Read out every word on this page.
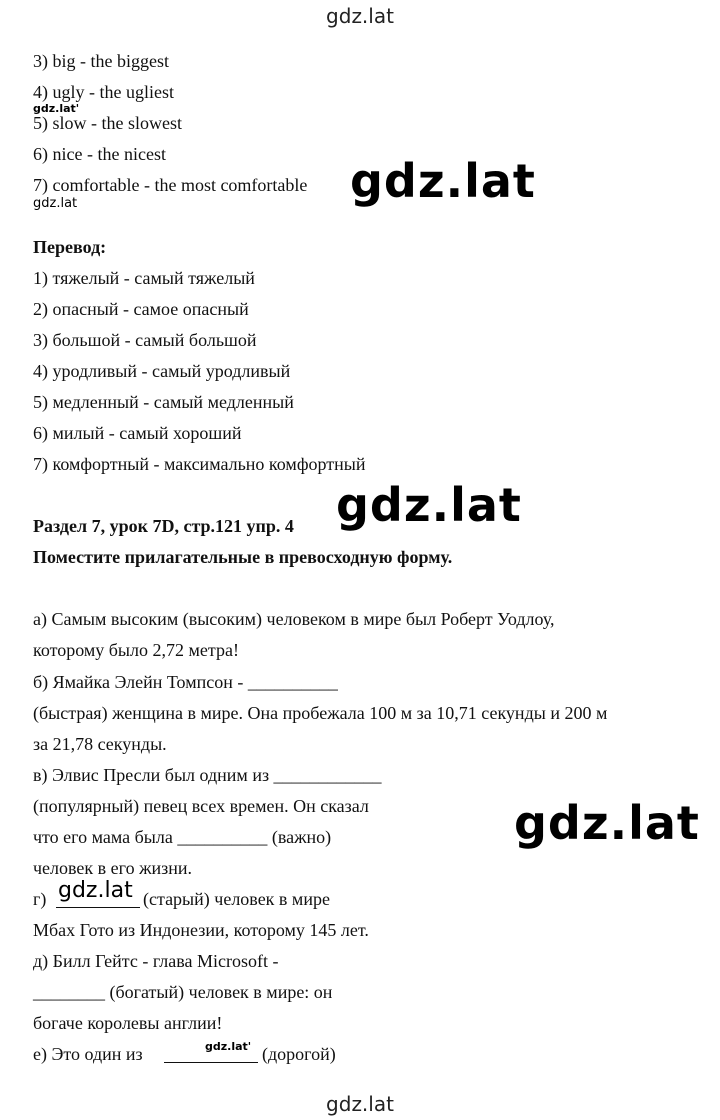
gdz.lat
gdz.lat
3) big - the biggest
4) ugly - the ugliest
5) slow - the slowest
6) nice - the nicest
7) comfortable - the most comfortable
gdz.lat'
gdz.lat	gdz.lat
Перевод:
1) тяжелый - самый тяжелый
2) опасный - самое опасный
3) большой - самый большой
4) уродливый - самый уродливый
5) медленный - самый медленный
6) милый - самый хороший
7) комфортный - максимально комфортный
gdz.lat
Раздел 7, урок 7D, стр.121 упр. 4
Поместите прилагательные в превосходную форму.
а) Самым высоким (высоким) человеком в мире был Роберт Уодлоу,
которому было 2,72 метра!
б) Ямайка Элейн Томпсон - __________
(быстрая) женщина в мире. Она пробежала 100 м за 10,71 секунды и 200 м
за 21,78 секунды.
в) Элвис Пресли был одним из ____________
(популярный) певец всех времен. Он сказал
что его мама была __________ (важно)
человек в его жизни.
gdz.lat
г) gdz.lat (старый) человек в мире
Мбах Гото из Индонезии, которому 145 лет.
д) Билл Гейтс - глава Microsoft -
________ (богатый) человек в мире: он
богаче королевы англии!
е) Это один из	gdz.lat' (дорогой)
